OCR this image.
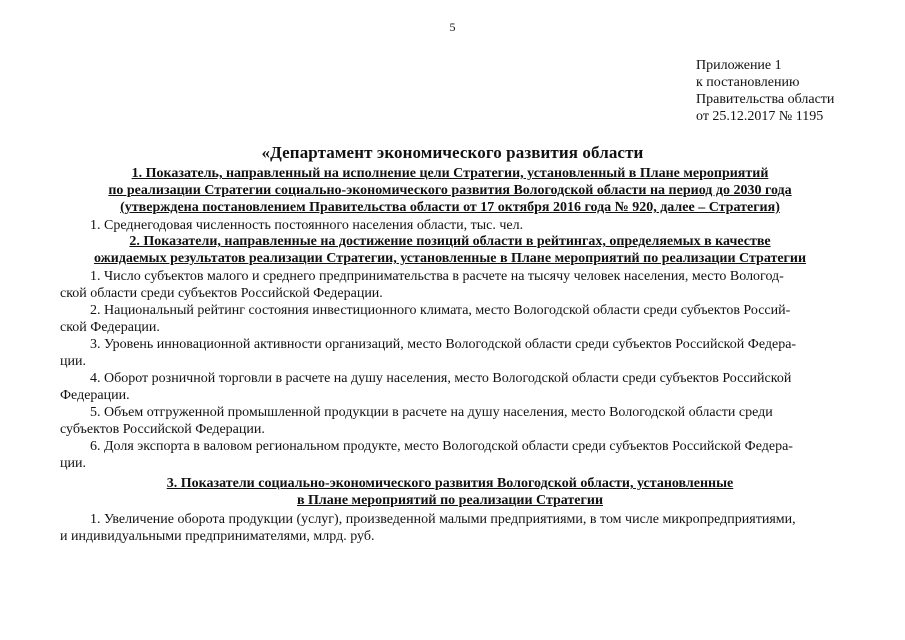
5
Приложение 1
к постановлению
Правительства области
от 25.12.2017 № 1195
«Департамент экономического развития области
1. Показатель, направленный на исполнение цели Стратегии, установленный в Плане мероприятий
по реализации Стратегии социально-экономического развития Вологодской области на период до 2030 года
(утверждена постановлением Правительства области от 17 октября 2016 года № 920, далее – Стратегия)
1. Среднегодовая численность постоянного населения области, тыс. чел.
2. Показатели, направленные на достижение позиций области в рейтингах, определяемых в качестве
ожидаемых результатов реализации Стратегии, установленные в Плане мероприятий по реализации Стратегии
1. Число субъектов малого и среднего предпринимательства в расчете на тысячу человек населения, место Вологод-
ской области среди субъектов Российской Федерации.
2. Национальный рейтинг состояния инвестиционного климата, место Вологодской области среди субъектов Россий-
ской Федерации.
3. Уровень инновационной активности организаций, место Вологодской области среди субъектов Российской Федера-
ции.
4. Оборот розничной торговли в расчете на душу населения, место Вологодской области среди субъектов Российской
Федерации.
5. Объем отгруженной промышленной продукции в расчете на душу населения, место Вологодской области среди
субъектов Российской Федерации.
6. Доля экспорта в валовом региональном продукте, место Вологодской области среди субъектов Российской Федера-
ции.
3. Показатели социально-экономического развития Вологодской области, установленные
в Плане мероприятий по реализации Стратегии
1. Увеличение оборота продукции (услуг), произведенной малыми предприятиями, в том числе микропредприятиями,
и индивидуальными предпринимателями, млрд. руб.
